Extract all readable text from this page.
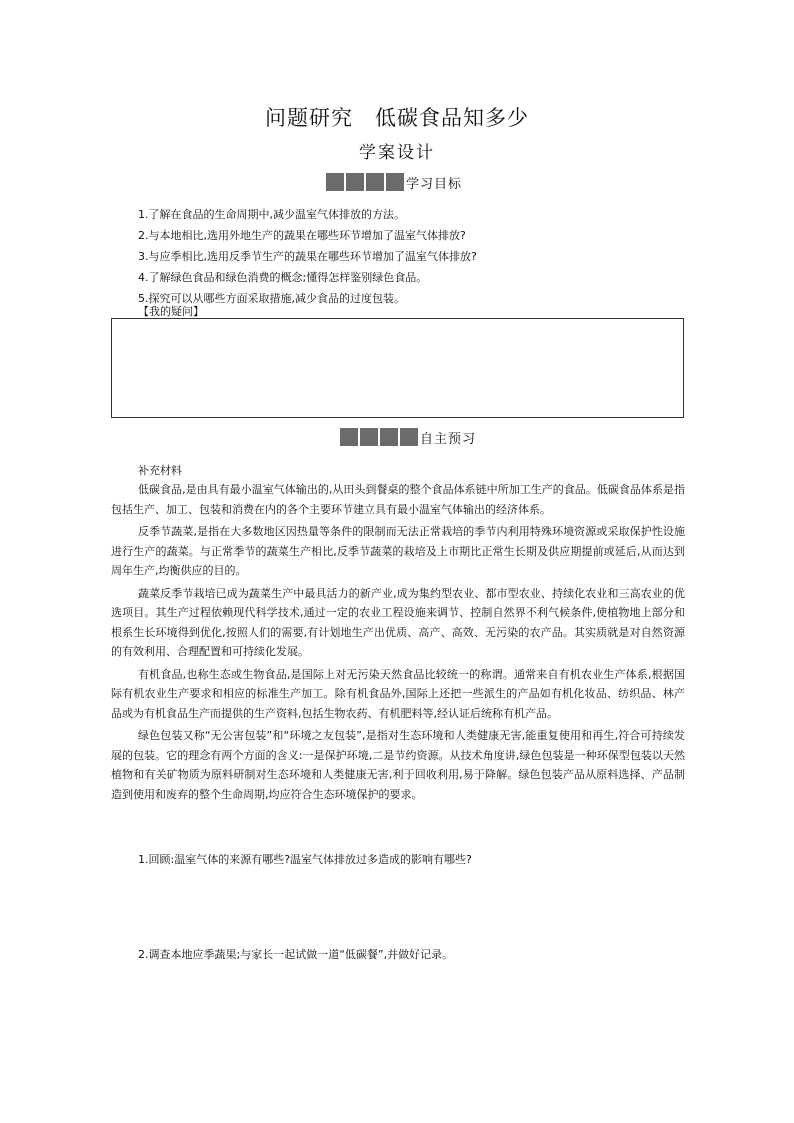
问题研究　低碳食品知多少
学案设计
学习目标
1.了解在食品的生命周期中,减少温室气体排放的方法。
2.与本地相比,选用外地生产的蔬果在哪些环节增加了温室气体排放?
3.与应季相比,选用反季节生产的蔬果在哪些环节增加了温室气体排放?
4.了解绿色食品和绿色消费的概念;懂得怎样鉴别绿色食品。
5.探究可以从哪些方面采取措施,减少食品的过度包装。
【我的疑问】
自主预习
补充材料

低碳食品,是由具有最小温室气体输出的,从田头到餐桌的整个食品体系链中所加工生产的食品。低碳食品体系是指包括生产、加工、包装和消费在内的各个主要环节建立具有最小温室气体输出的经济体系。

反季节蔬菜,是指在大多数地区因热量等条件的限制而无法正常栽培的季节内利用特殊环境资源或采取保护性设施进行生产的蔬菜。与正常季节的蔬菜生产相比,反季节蔬菜的栽培及上市期比正常生长期及供应期提前或延后,从而达到周年生产,均衡供应的目的。

蔬菜反季节栽培已成为蔬菜生产中最具活力的新产业,成为集约型农业、都市型农业、持续化农业和三高农业的优选项目。其生产过程依赖现代科学技术,通过一定的农业工程设施来调节、控制自然界不利气候条件,使植物地上部分和根系生长环境得到优化,按照人们的需要,有计划地生产出优质、高产、高效、无污染的农产品。其实质就是对自然资源的有效利用、合理配置和可持续化发展。

有机食品,也称生态或生物食品,是国际上对无污染天然食品比较统一的称谓。通常来自有机农业生产体系,根据国际有机农业生产要求和相应的标准生产加工。除有机食品外,国际上还把一些派生的产品如有机化妆品、纺织品、林产品或为有机食品生产而提供的生产资料,包括生物农药、有机肥料等,经认证后统称有机产品。

绿色包装又称“无公害包装”和“环境之友包装”,是指对生态环境和人类健康无害,能重复使用和再生,符合可持续发展的包装。它的理念有两个方面的含义:一是保护环境,二是节约资源。从技术角度讲,绿色包装是一种环保型包装以天然植物和有关矿物质为原料研制对生态环境和人类健康无害,利于回收利用,易于降解。绿色包装产品从原料选择、产品制造到使用和废弃的整个生命周期,均应符合生态环境保护的要求。

1.回顾:温室气体的来源有哪些?温室气体排放过多造成的影响有哪些?
2.调查本地应季蔬果;与家长一起试做一道“低碳餐”,并做好记录。
